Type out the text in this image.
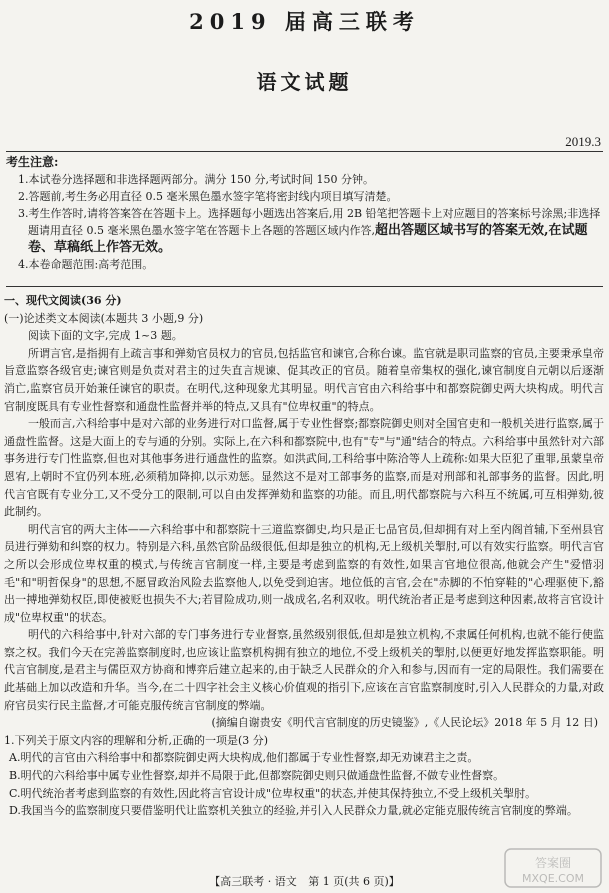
2019 届高三联考
语文试题
2019.3
考生注意:
1.本试卷分选择题和非选择题两部分。满分 150 分,考试时间 150 分钟。
2.答题前,考生务必用直径 0.5 毫米黑色墨水签字笔将密封线内项目填写清楚。
3.考生作答时,请将答案答在答题卡上。选择题每小题选出答案后,用 2B 铅笔把答题卡上对应题目的答案标号涂黑;非选择题请用直径 0.5 毫米黑色墨水签字笔在答题卡上各题的答题区域内作答,超出答题区域书写的答案无效,在试题卷、草稿纸上作答无效。
4.本卷命题范围:高考范围。
一、现代文阅读(36 分)
(一)论述类文本阅读(本题共 3 小题,9 分)
阅读下面的文字,完成 1~3 题。
所谓言官,是指拥有上疏言事和弹劾官员权力的官员,包括监官和谏官,合称台谏。监官就是职司监察的官员,主要秉承皇帝旨意监察各级官吏;谏官则是负责对君主的过失直言规谏、促其改正的官员。随着皇帝集权的强化,谏官制度自元朝以后逐渐消亡,监察官员开始兼任谏官的职责。在明代,这种现象尤其明显。明代言官由六科给事中和都察院御史两大块构成。明代言官制度既具有专业性督察和通盘性监督并举的特点,又具有"位卑权重"的特点。
一般而言,六科给事中是对六部的业务进行对口监督,属于专业性督察;都察院御史则对全国官吏和一般机关进行监察,属于通盘性监督。这是大面上的专与通的分别。实际上,在六科和都察院中,也有"专"与"通"结合的特点。六科给事中虽然针对六部事务进行专门性监察,但也对其他事务进行通盘性的监察。如洪武间,工科给事中陈洽等人上疏称:如果大臣犯了重罪,虽蒙皇帝恩宥,上朝时不宜仍列本班,必须稍加降抑,以示劝惩。显然这不是对工部事务的监察,而是对刑部和礼部事务的监督。因此,明代言官既有专业分工,又不受分工的限制,可以自由发挥弹劾和监察的功能。而且,明代都察院与六科互不统属,可互相弹劾,彼此制约。
明代言官的两大主体——六科给事中和都察院十三道监察御史,均只是正七品官员,但却拥有对上至内阁首辅,下至州县官员进行弹劾和纠察的权力。特别是六科,虽然官阶品级很低,但却是独立的机构,无上级机关掣肘,可以有效实行监察。明代言官之所以会形成位卑权重的模式,与传统言官制度一样,主要是考虑到监察的有效性,如果言官地位很高,他就会产生"爱惜羽毛"和"明哲保身"的思想,不愿冒政治风险去监察他人,以免受到迫害。地位低的言官,会在"赤脚的不怕穿鞋的"心理驱使下,豁出一搏地弹劾权臣,即使被贬也损失不大;若冒险成功,则一战成名,名利双收。明代统治者正是考虑到这种因素,故将言官设计成"位卑权重"的状态。
明代的六科给事中,针对六部的专门事务进行专业督察,虽然级别很低,但却是独立机构,不隶属任何机构,也就不能行使监察之权。我们今天在完善监察制度时,也应该让监察机构拥有独立的地位,不受上级机关的掣肘,以便更好地发挥监察职能。明代言官制度,是君主与儒臣双方协商和博弈后建立起来的,由于缺乏人民群众的介入和参与,因而有一定的局限性。我们需要在此基础上加以改造和升华。当今,在二十四字社会主义核心价值观的指引下,应该在言官监察制度时,引入人民群众的力量,对政府官员实行民主监督,才可能克服传统言官制度的弊端。
(摘编自谢贵安《明代言官制度的历史镜鉴》,《人民论坛》2018 年 5 月 12 日)
1.下列关于原文内容的理解和分析,正确的一项是(3 分)
A.明代的言官由六科给事中和都察院御史两大块构成,他们都属于专业性督察,却无劝谏君主之责。
B.明代的六科给事中属专业性督察,却并不局限于此,但都察院御史则只做通盘性监督,不做专业性督察。
C.明代统治者考虑到监察的有效性,因此将言官设计成"位卑权重"的状态,并使其保持独立,不受上级机关掣肘。
D.我国当今的监察制度只要借鉴明代让监察机关独立的经验,并引入人民群众力量,就必定能克服传统言官制度的弊端。
【高三联考 · 语文 第 1 页(共 6 页)】
答案圈
MXQE.COM
